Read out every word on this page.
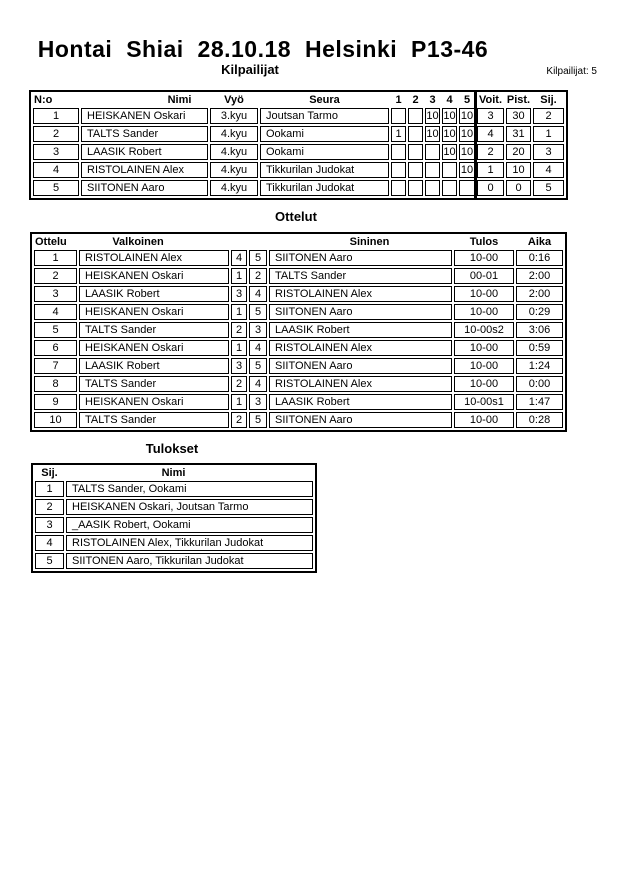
Hontai Shiai 28.10.18 Helsinki P13-46
Kilpailijat	Kilpailijat: 5
N:o	Nimi	Vyö	Seura	1	2	3	4	5	Voit.	Pist.	Sij.
1	HEISKANEN Oskari	3.kyu	Joutsan Tarmo			10	10	10	3	30	2
2	TALTS Sander	4.kyu	Ookami	1		10	10	10	4	31	1
3	LAASIK Robert	4.kyu	Ookami				10	10	2	20	3
4	RISTOLAINEN Alex	4.kyu	Tikkurilan Judokat					10	1	10	4
5	SIITONEN Aaro	4.kyu	Tikkurilan Judokat						0	0	5
Ottelut
Ottelu	Valkoinen			Sininen	Tulos	Aika
1	RISTOLAINEN Alex	4	5	SIITONEN Aaro	10-00	0:16
2	HEISKANEN Oskari	1	2	TALTS Sander	00-01	2:00
3	LAASIK Robert	3	4	RISTOLAINEN Alex	10-00	2:00
4	HEISKANEN Oskari	1	5	SIITONEN Aaro	10-00	0:29
5	TALTS Sander	2	3	LAASIK Robert	10-00s2	3:06
6	HEISKANEN Oskari	1	4	RISTOLAINEN Alex	10-00	0:59
7	LAASIK Robert	3	5	SIITONEN Aaro	10-00	1:24
8	TALTS Sander	2	4	RISTOLAINEN Alex	10-00	0:00
9	HEISKANEN Oskari	1	3	LAASIK Robert	10-00s1	1:47
10	TALTS Sander	2	5	SIITONEN Aaro	10-00	0:28
Tulokset
Sij.	Nimi
1	TALTS Sander, Ookami
2	HEISKANEN Oskari, Joutsan Tarmo
3	_AASIK Robert, Ookami
4	RISTOLAINEN Alex, Tikkurilan Judokat
5	SIITONEN Aaro, Tikkurilan Judokat
